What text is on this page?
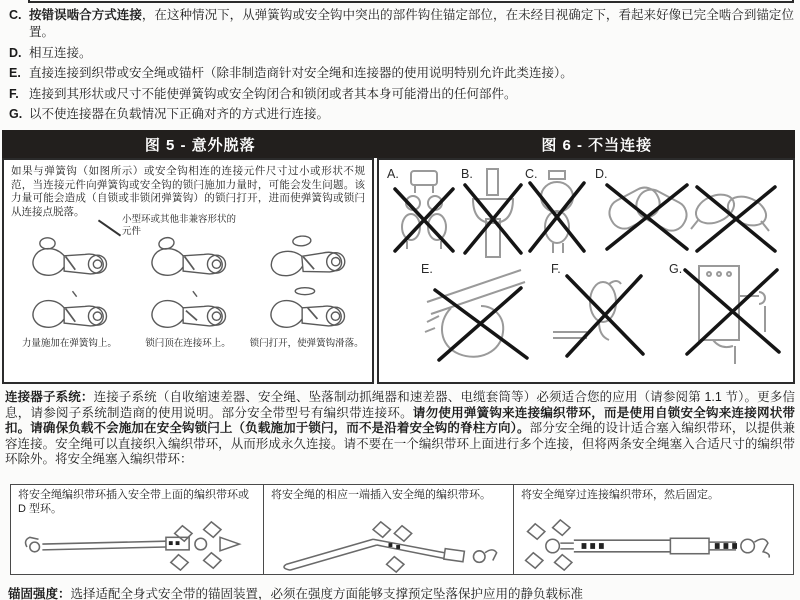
C. 按错误啮合方式连接，在这种情况下，从弹簧钩或安全钩中突出的部件钩住锚定部位，在未经目视确定下，看起来好像已完全啮合到锚定位置。
D. 相互连接。
E. 直接连接到织带或安全绳或锚杆（除非制造商针对安全绳和连接器的使用说明特别允许此类连接）。
F. 连接到其形状或尺寸不能使弹簧钩或安全钩闭合和锁闭或者其本身可能滑出的任何部件。
G. 以不使连接器在负载情况下正确对齐的方式进行连接。
图 5 - 意外脱落	图 6 - 不当连接
如果与弹簧钩（如图所示）或安全钩相连的连接元件尺寸过小或形状不规范，当连接元件向弹簧钩或安全钩的锁闩施加力量时，可能会发生问题。该力量可能会造成（自锁或非锁闭弹簧钩）的锁闩打开，进而使弹簧钩或锁闩从连接点脱落。
小型环或其他非兼容形状的元件
力量施加在弹簧钩上。	锁闩顶在连接环上。	锁闩打开，使弹簧钩滑落。
A.	B.	C.	D.
E.	F.	G.
连接器子系统：连接子系统（自收缩速差器、安全绳、坠落制动抓绳器和速差器、电缆套筒等）必须适合您的应用（请参阅第 1.1 节）。更多信息，请参阅子系统制造商的使用说明。部分安全带型号有编织带连接环。请勿使用弹簧钩来连接编织带环，而是使用自锁安全钩来连接网状带扣。请确保负载不会施加在安全钩锁闩上（负载施加于锁闩，而不是沿着安全钩的脊柱方向）。部分安全绳的设计适合塞入编织带环，以提供兼容连接。安全绳可以直接织入编织带环，从而形成永久连接。请不要在一个编织带环上面进行多个连接，但将两条安全绳塞入合适尺寸的编织带环除外。将安全绳塞入编织带环：
将安全绳编织带环插入安全带上面的编织带环或 D 型环。
将安全绳的相应一端插入安全绳的编织带环。	将安全绳穿过连接编织带环，然后固定。
锚固强度：选择适配全身式安全带的锚固装置，必须在强度方面能够支撑预定坠落保护应用的静负载标准
